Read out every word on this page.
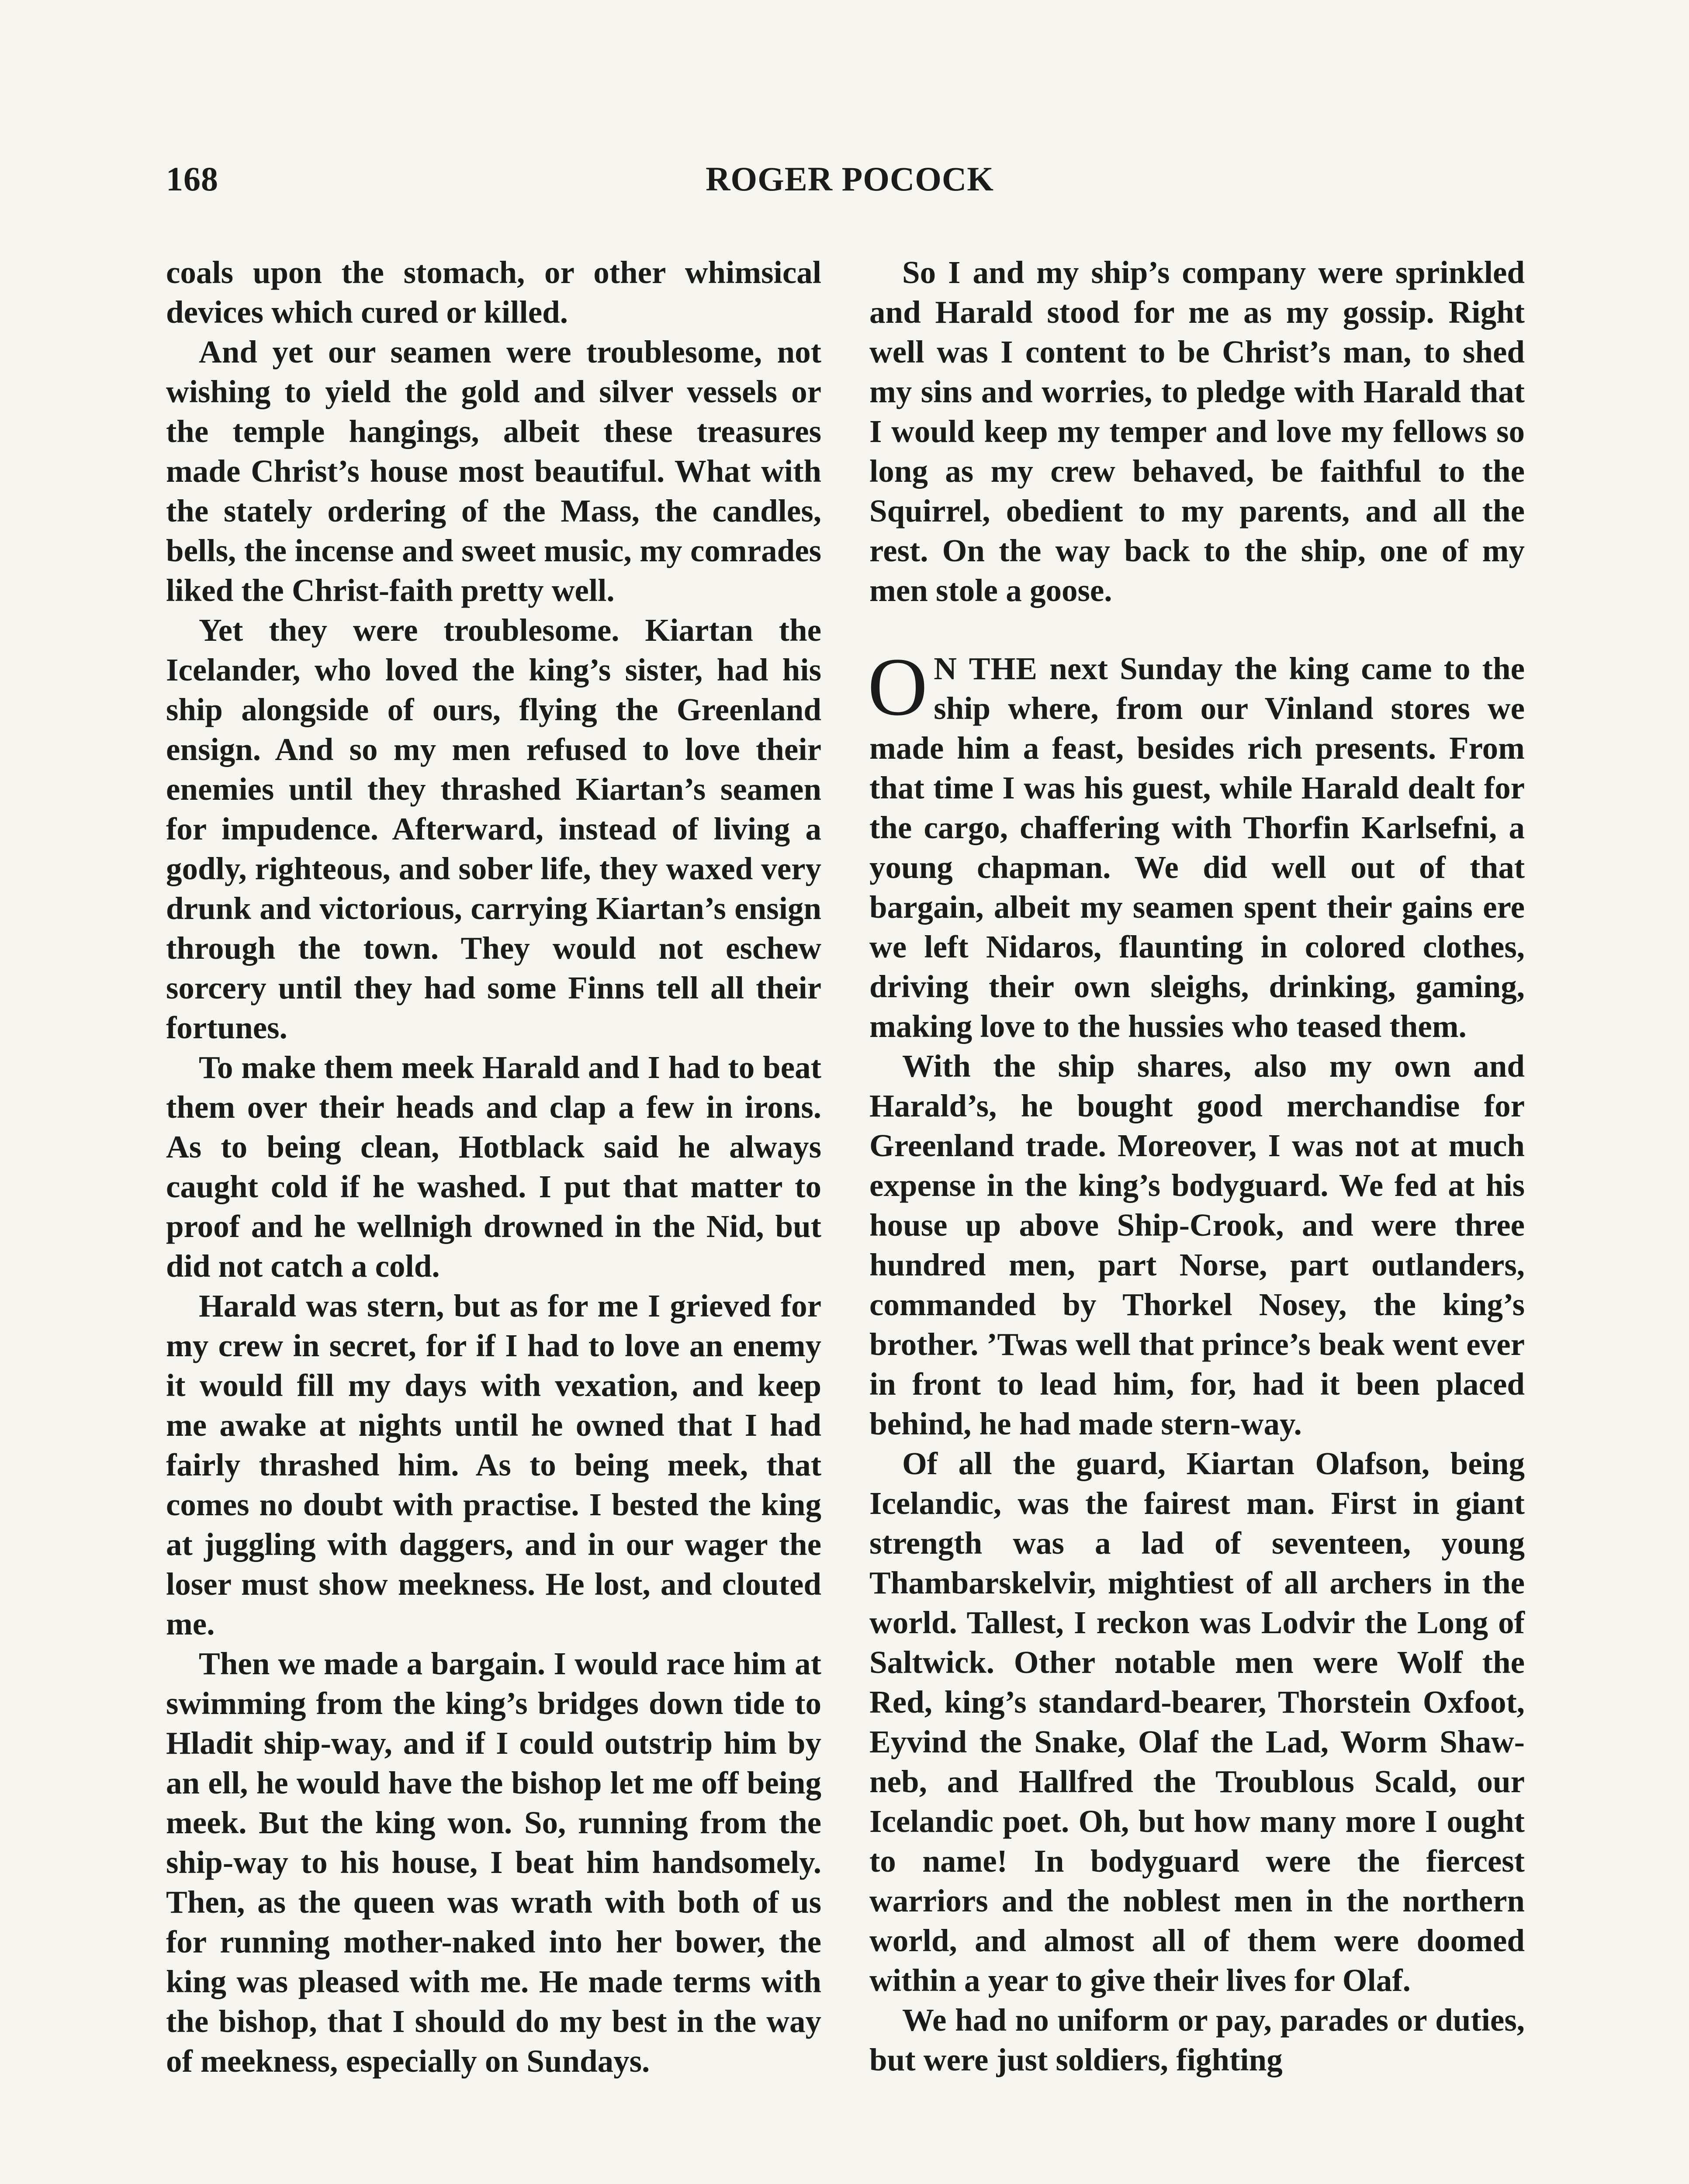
168	ROGER POCOCK

coals upon the stomach, or other whimsical devices which cured or killed.

And yet our seamen were troublesome, not wishing to yield the gold and silver vessels or the temple hangings, albeit these treasures made Christ’s house most beautiful. What with the stately ordering of the Mass, the candles, bells, the incense and sweet music, my comrades liked the Christ-faith pretty well.

Yet they were troublesome. Kiartan the Icelander, who loved the king’s sister, had his ship alongside of ours, flying the Greenland ensign. And so my men refused to love their enemies until they thrashed Kiartan’s seamen for impudence. Afterward, instead of living a godly, righteous, and sober life, they waxed very drunk and victorious, carrying Kiartan’s ensign through the town. They would not eschew sorcery until they had some Finns tell all their fortunes.

To make them meek Harald and I had to beat them over their heads and clap a few in irons. As to being clean, Hotblack said he always caught cold if he washed. I put that matter to proof and he wellnigh drowned in the Nid, but did not catch a cold.

Harald was stern, but as for me I grieved for my crew in secret, for if I had to love an enemy it would fill my days with vexation, and keep me awake at nights until he owned that I had fairly thrashed him. As to being meek, that comes no doubt with practise. I bested the king at juggling with daggers, and in our wager the loser must show meekness. He lost, and clouted me.

Then we made a bargain. I would race him at swimming from the king’s bridges down tide to Hladit ship-way, and if I could outstrip him by an ell, he would have the bishop let me off being meek. But the king won. So, running from the ship-way to his house, I beat him handsomely. Then, as the queen was wrath with both of us for running mother-naked into her bower, the king was pleased with me. He made terms with the bishop, that I should do my best in the way of meekness, especially on Sundays.

So I and my ship’s company were sprinkled and Harald stood for me as my gossip. Right well was I content to be Christ’s man, to shed my sins and worries, to pledge with Harald that I would keep my temper and love my fellows so long as my crew behaved, be faithful to the Squirrel, obedient to my parents, and all the rest. On the way back to the ship, one of my men stole a goose.

O N THE next Sunday the king came to the ship where, from our Vinland stores we made him a feast, besides rich presents. From that time I was his guest, while Harald dealt for the cargo, chaffering with Thorfin Karlsefni, a young chapman. We did well out of that bargain, albeit my seamen spent their gains ere we left Nidaros, flaunting in colored clothes, driving their own sleighs, drinking, gaming, making love to the hussies who teased them.

With the ship shares, also my own and Harald’s, he bought good merchandise for Greenland trade. Moreover, I was not at much expense in the king’s bodyguard. We fed at his house up above Ship-Crook, and were three hundred men, part Norse, part outlanders, commanded by Thorkel Nosey, the king’s brother. ’Twas well that prince’s beak went ever in front to lead him, for, had it been placed behind, he had made stern-way.

Of all the guard, Kiartan Olafson, being Icelandic, was the fairest man. First in giant strength was a lad of seventeen, young Thambarskelvir, mightiest of all archers in the world. Tallest, I reckon was Lodvir the Long of Saltwick. Other notable men were Wolf the Red, king’s standard-bearer, Thorstein Oxfoot, Eyvind the Snake, Olaf the Lad, Worm Shaw-neb, and Hallfred the Troublous Scald, our Icelandic poet. Oh, but how many more I ought to name! In bodyguard were the fiercest warriors and the noblest men in the northern world, and almost all of them were doomed within a year to give their lives for Olaf.

We had no uniform or pay, parades or duties, but were just soldiers, fighting
